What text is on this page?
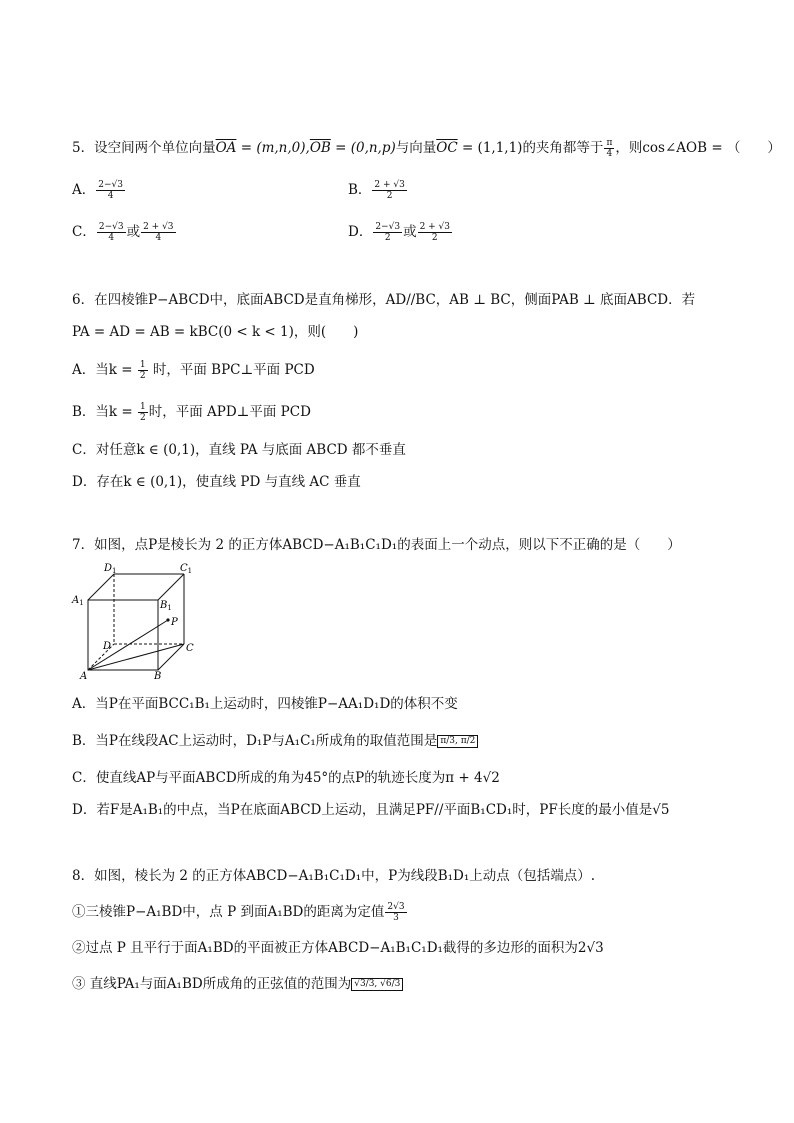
5．设空间两个单位向量$\overline{OA} = (m,n,0),\overline{OB} = (0,n,p)$与向量$\overline{OC} = (1,1,1)$的夹角都等于 $\frac{\pi}{4}$ ，则cos∠AOB = （　　）
A． $\frac{2-√3}{4}$	B． $\frac{2 + √3}{2}$
C． $\frac{2-√3}{4}$ 或 $\frac{2 + √3}{4}$	D． $\frac{2-√3}{2}$ 或 $\frac{2 + √3}{2}$
6．在四棱锥P−ABCD中，底面ABCD是直角梯形，AD//BC，AB ⊥ BC，侧面PAB ⊥ 底面ABCD．若
PA = AD = AB = kBC(0 < k < 1)，则(　　)
A．当$k = \frac{1}{2}$ 时，平面 BPC⊥平面 PCD
B．当$k = \frac{1}{2}$ 时，平面 APD⊥平面 PCD
C．对任意k ∈ (0,1)，直线 PA 与底面 ABCD 都不垂直
D．存在k ∈ (0,1)，使直线 PD 与直线 AC 垂直
7．如图，点P是棱长为 2 的正方体ABCD−A₁B₁C₁D₁的表面上一个动点，则以下不正确的是（　　）
$D_1$	$C_1$
$A_1$	$B_1$
P
D	C
A	B
A．当P在平面BCC₁B₁上运动时，四棱锥P−AA₁D₁D的体积不变
B．当P在线段AC上运动时，D₁P与A₁C₁所成角的取值范围是 π/3, π/2
C．使直线AP与平面ABCD所成的角为45°的点P的轨迹长度为π + 4√2
D．若F是A₁B₁的中点，当P在底面ABCD上运动，且满足PF//平面B₁CD₁时，PF长度的最小值是√5
8．如图，棱长为 2 的正方体ABCD−A₁B₁C₁D₁中，P为线段B₁D₁上动点（包括端点）.
①三棱锥P−A₁BD中，点 P 到面A₁BD的距离为定值 $\frac{2√3}{3}$
②过点 P 且平行于面A₁BD的平面被正方体ABCD−A₁B₁C₁D₁截得的多边形的面积为2√3
③ 直线PA₁与面A₁BD所成角的正弦值的范围为 √3/3, √6/3
